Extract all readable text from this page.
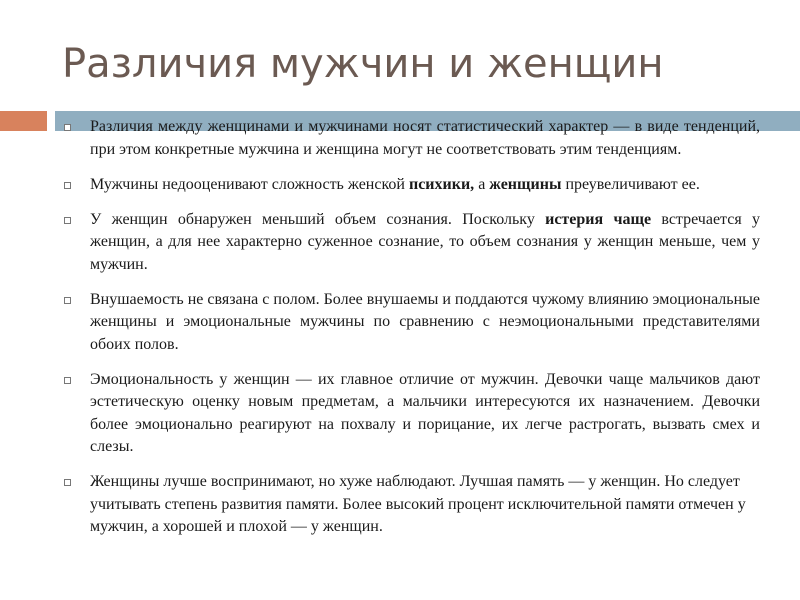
Различия мужчин и женщин
Различия между женщинами и мужчинами носят статистический характер — в виде тенденций, при этом конкретные мужчина и женщина могут не соответствовать этим тенденциям.
Мужчины недооценивают сложность женской психики, а женщины преувеличивают ее.
У женщин обнаружен меньший объем сознания. Поскольку истерия чаще встречается у женщин, а для нее характерно суженное сознание, то объем сознания у женщин меньше, чем у мужчин.
Внушаемость не связана с полом. Более внушаемы и поддаются чужому влиянию эмоциональные женщины и эмоциональные мужчины по сравнению с неэмоциональными представителями обоих полов.
Эмоциональность у женщин — их главное отличие от мужчин. Девочки чаще мальчиков дают эстетическую оценку новым предметам, а мальчики интересуются их назначением. Девочки более эмоционально реагируют на похвалу и порицание, их легче растрогать, вызвать смех и слезы.
Женщины лучше воспринимают, но хуже наблюдают. Лучшая память — у женщин. Но следует учитывать степень развития памяти. Более высокий процент исключительной памяти отмечен у мужчин, а хорошей и плохой — у женщин.
